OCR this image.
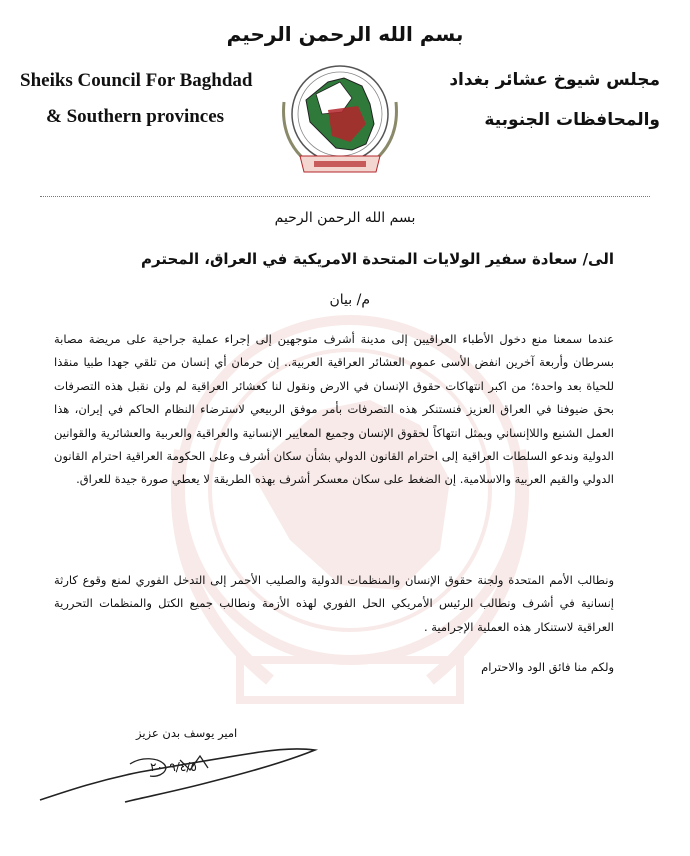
بسم الله الرحمن الرحيم
Sheiks Council For Baghdad
& Southern provinces
مجلس شيوخ عشائر بغداد
والمحافظات الجنوبية
بسم الله الرحمن الرحيم
الى/ سعادة سفير الولايات المتحدة الامريكية في العراق، المحترم
م/ بيان
عندما سمعنا منع دخول الأطباء العراقيين إلى مدينة أشرف متوجهين إلى إجراء عملية جراحية على مريضة مصابة بسرطان وأربعة آخرين انفض الأسى عموم العشائر العراقية العربية.. إن حرمان أي إنسان من تلقي جهدا طبيا منقذا للحياة بعد واحدة؛ من اكبر انتهاكات حقوق الإنسان في الارض ونقول لنا كعشائر العراقية لم ولن نقبل هذه التصرفات بحق ضيوفنا في العراق العزيز فنستنكر هذه التصرفات بأمر موفق الربيعي لاسترضاء النظام الحاكم في إيران، هذا العمل الشنيع واللاإنساني ويمثل انتهاكاً لحقوق الإنسان وجميع المعايير الإنسانية والعراقية والعربية والعشائرية والقوانين الدولية وندعو السلطات العراقية إلى احترام القانون الدولي بشأن سكان أشرف وعلى الحكومة العراقية احترام القانون الدولي والقيم العربية والاسلامية. إن الضغط على سكان معسكر أشرف بهذه الطريقة لا يعطي صورة جيدة للعراق.
ونطالب الأمم المتحدة ولجنة حقوق الإنسان والمنظمات الدولية والصليب الأحمر إلى التدخل الفوري لمنع وقوع كارثة إنسانية في أشرف ونطالب الرئيس الأمريكي الحل الفوري لهذه الأزمة ونطالب جميع الكتل والمنظمات التحررية العراقية لاستنكار هذه العملية الإجرامية .
ولكم منا فائق الود والاحترام
امير يوسف بدن عزيز
٢٠٠٩/٤/٥
